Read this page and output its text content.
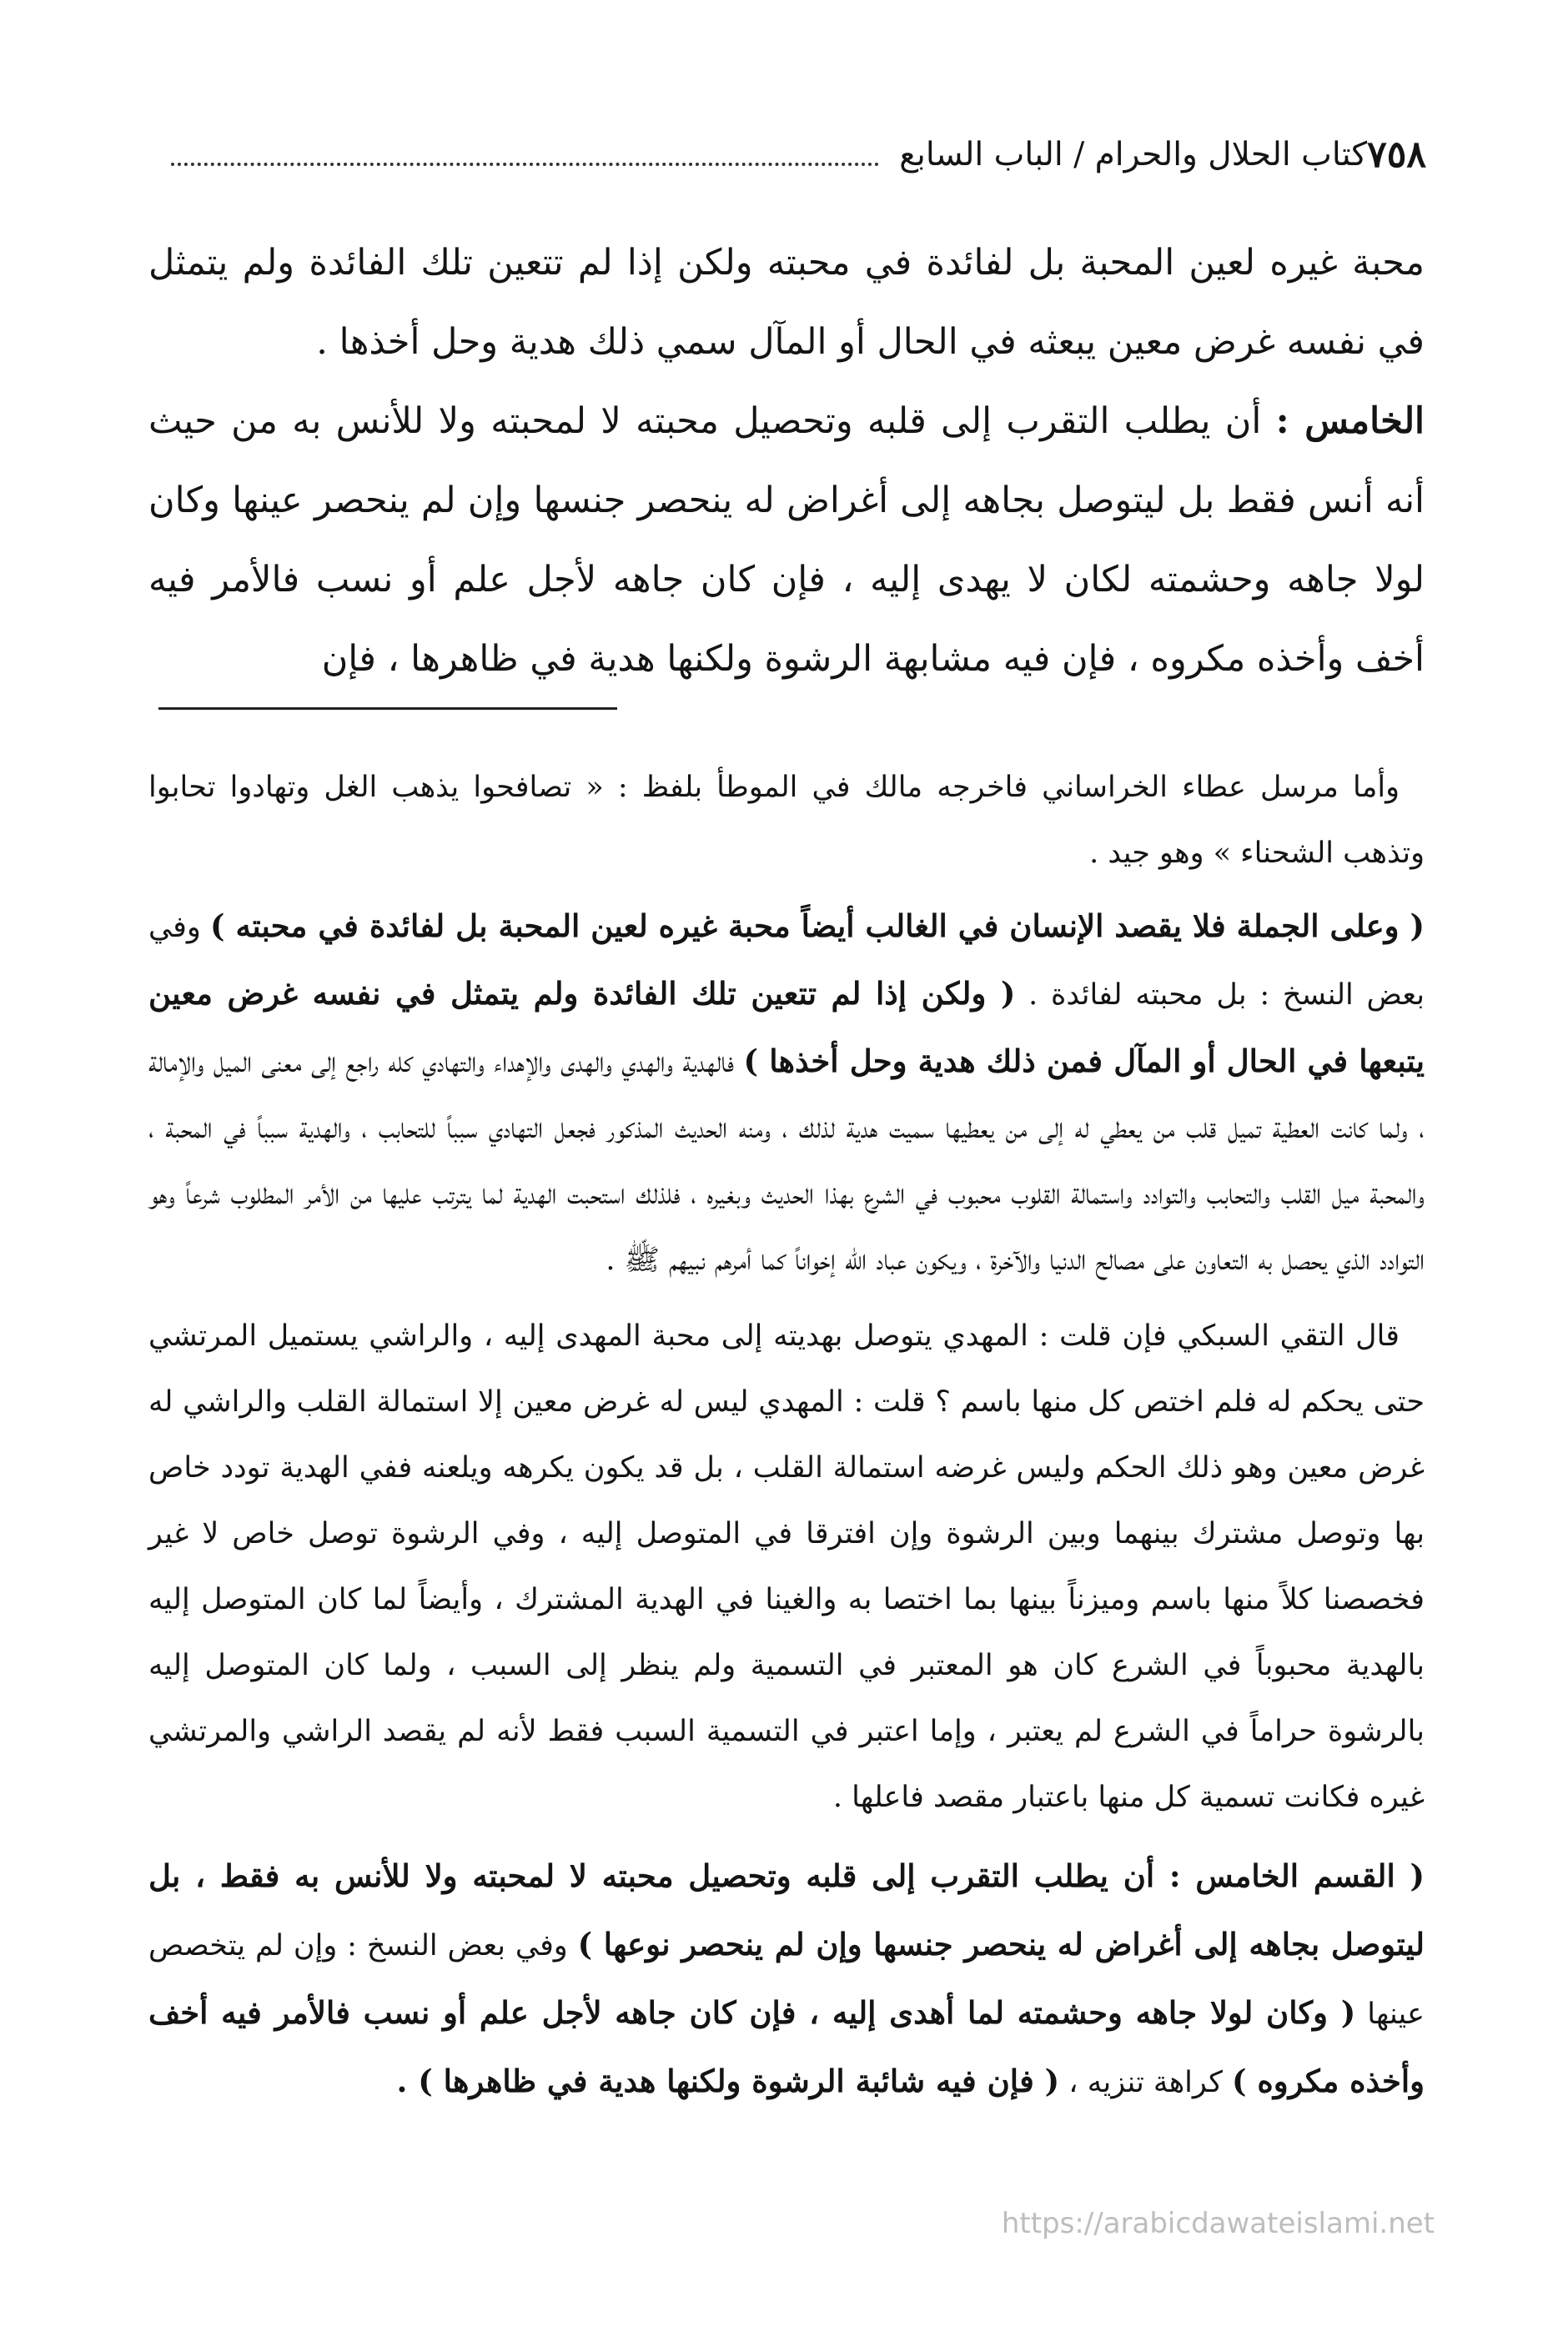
٧٥٨
كتاب الحلال والحرام / الباب السابع

محبة غيره لعين المحبة بل لفائدة في محبته ولكن إذا لم تتعين تلك الفائدة ولم يتمثل في نفسه غرض معين يبعثه في الحال أو المآل سمي ذلك هدية وحل أخذها .

الخامس : أن يطلب التقرب إلى قلبه وتحصيل محبته لا لمحبته ولا للأنس به من حيث أنه أنس فقط بل ليتوصل بجاهه إلى أغراض له ينحصر جنسها وإن لم ينحصر عينها وكان لولا جاهه وحشمته لكان لا يهدى إليه ، فإن كان جاهه لأجل علم أو نسب فالأمر فيه أخف وأخذه مكروه ، فإن فيه مشابهة الرشوة ولكنها هدية في ظاهرها ، فإن

وأما مرسل عطاء الخراساني فاخرجه مالك في الموطأ بلفظ : « تصافحوا يذهب الغل وتهادوا تحابوا وتذهب الشحناء » وهو جيد .

( وعلى الجملة فلا يقصد الإنسان في الغالب أيضاً محبة غيره لعين المحبة بل لفائدة في محبته ) وفي بعض النسخ : بل محبته لفائدة . ( ولكن إذا لم تتعين تلك الفائدة ولم يتمثل في نفسه غرض معين يتبعها في الحال أو المآل فمن ذلك هدية وحل أخذها ) فالهدية والهدي والهدى والإهداء والتهادي كله راجع إلى معنى الميل والإمالة ، ولما كانت العطية تميل قلب من يعطي له إلى من يعطيها سميت هدية لذلك ، ومنه الحديث المذكور فجعل التهادي سبباً للتحابب ، والهدية سبباً في المحبة ، والمحبة ميل القلب والتحابب والتوادد واستمالة القلوب محبوب في الشرع بهذا الحديث وبغيره ، فلذلك استحبت الهدية لما يترتب عليها من الأمر المطلوب شرعاً وهو التوادد الذي يحصل به التعاون على مصالح الدنيا والآخرة ، ويكون عباد الله إخواناً كما أمرهم نبيهم ﷺ .

قال التقي السبكي فإن قلت : المهدي يتوصل بهديته إلى محبة المهدى إليه ، والراشي يستميل المرتشي حتى يحكم له فلم اختص كل منها باسم ؟ قلت : المهدي ليس له غرض معين إلا استمالة القلب والراشي له غرض معين وهو ذلك الحكم وليس غرضه استمالة القلب ، بل قد يكون يكرهه ويلعنه ففي الهدية تودد خاص بها وتوصل مشترك بينهما وبين الرشوة وإن افترقا في المتوصل إليه ، وفي الرشوة توصل خاص لا غير فخصصنا كلاً منها باسم وميزناً بينها بما اختصا به والغينا في الهدية المشترك ، وأيضاً لما كان المتوصل إليه بالهدية محبوباً في الشرع كان هو المعتبر في التسمية ولم ينظر إلى السبب ، ولما كان المتوصل إليه بالرشوة حراماً في الشرع لم يعتبر ، وإما اعتبر في التسمية السبب فقط لأنه لم يقصد الراشي والمرتشي غيره فكانت تسمية كل منها باعتبار مقصد فاعلها .

( القسم الخامس : أن يطلب التقرب إلى قلبه وتحصيل محبته لا لمحبته ولا للأنس به فقط ، بل ليتوصل بجاهه إلى أغراض له ينحصر جنسها وإن لم ينحصر نوعها ) وفي بعض النسخ : وإن لم يتخصص عينها ( وكان لولا جاهه وحشمته لما أهدى إليه ، فإن كان جاهه لأجل علم أو نسب فالأمر فيه أخف وأخذه مكروه ) كراهة تنزيه ، ( فإن فيه شائبة الرشوة ولكنها هدية في ظاهرها ) .

https://arabicdawateislami.net
